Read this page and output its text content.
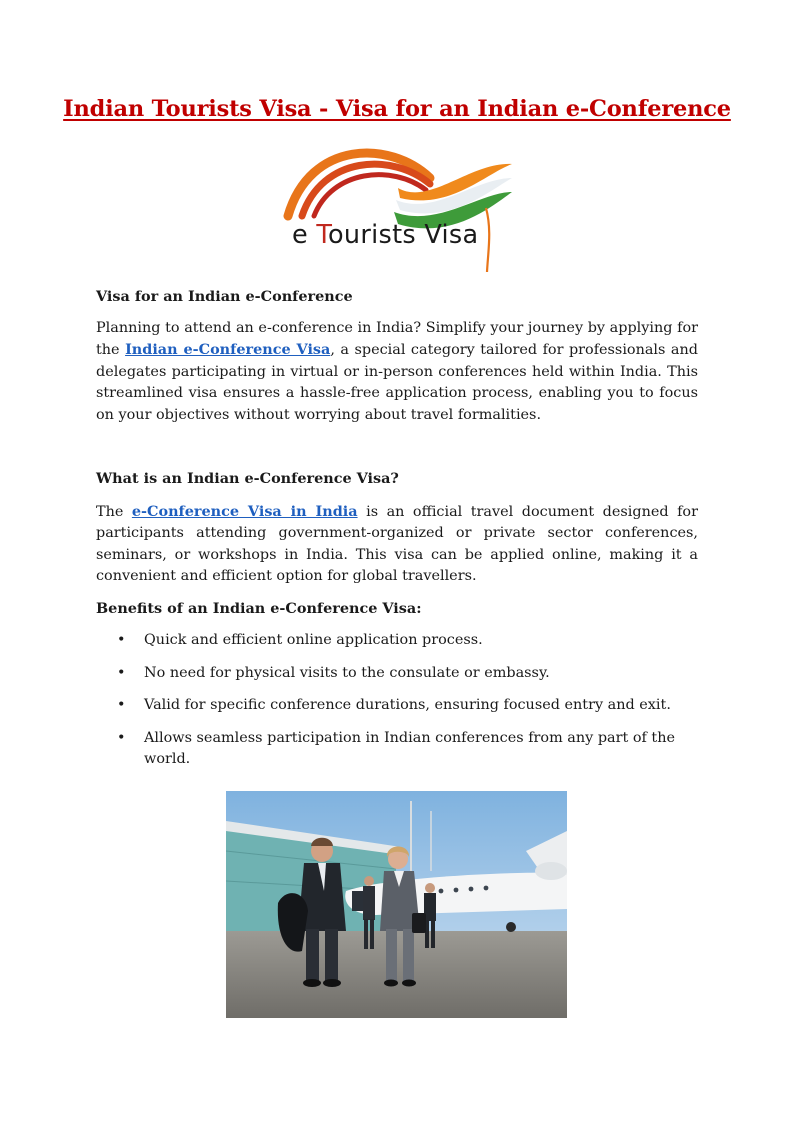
Indian Tourists Visa - Visa for an Indian e-Conference
e Tourists Visa
Visa for an Indian e-Conference

Planning to attend an e-conference in India? Simplify your journey by applying for the Indian e-Conference Visa, a special category tailored for professionals and delegates participating in virtual or in-person conferences held within India. This streamlined visa ensures a hassle-free application process, enabling you to focus on your objectives without worrying about travel formalities.

What is an Indian e-Conference Visa?

The e-Conference Visa in India is an official travel document designed for participants attending government-organized or private sector conferences, seminars, or workshops in India. This visa can be applied online, making it a convenient and efficient option for global travellers.

Benefits of an Indian e-Conference Visa:
• Quick and efficient online application process.
• No need for physical visits to the consulate or embassy.
• Valid for specific conference durations, ensuring focused entry and exit.
• Allows seamless participation in Indian conferences from any part of the world.
